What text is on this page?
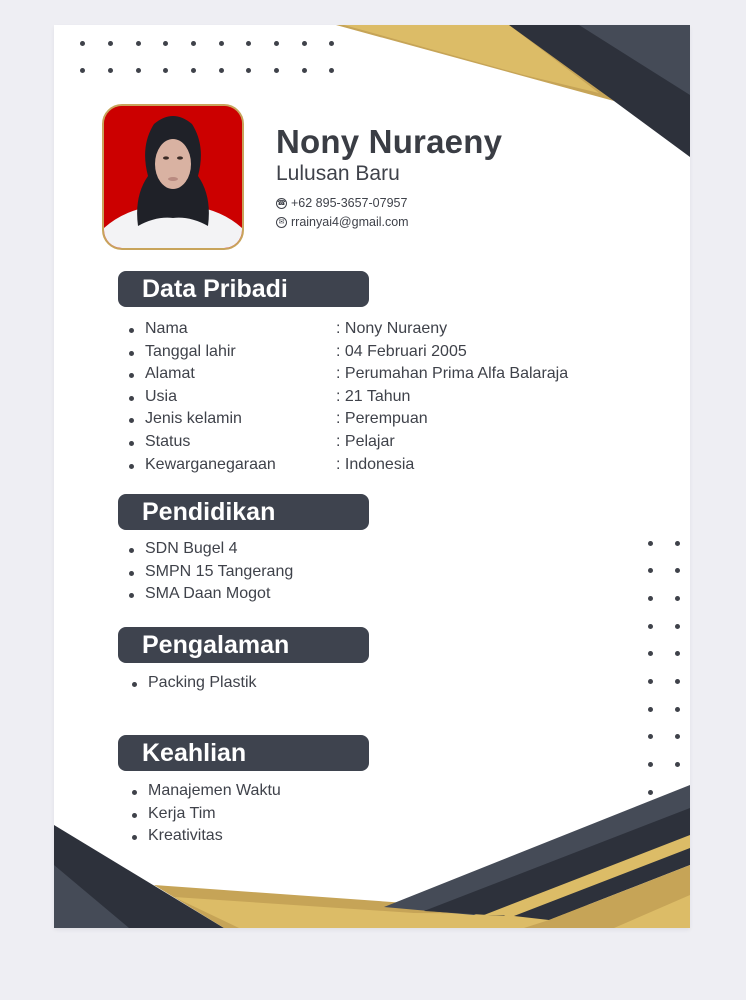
Nony Nuraeny
Lulusan Baru
☎ +62 895-3657-07957
✉ rrainyai4@gmail.com
Data Pribadi
Nama	: Nony Nuraeny
Tanggal lahir	: 04 Februari 2005
Alamat	: Perumahan Prima Alfa Balaraja
Usia	: 21 Tahun
Jenis kelamin	: Perempuan
Status	: Pelajar
Kewarganegaraan	: Indonesia
Pendidikan
SDN Bugel 4
SMPN 15 Tangerang
SMA Daan Mogot
Pengalaman
Packing Plastik
Keahlian
Manajemen Waktu
Kerja Tim
Kreativitas
